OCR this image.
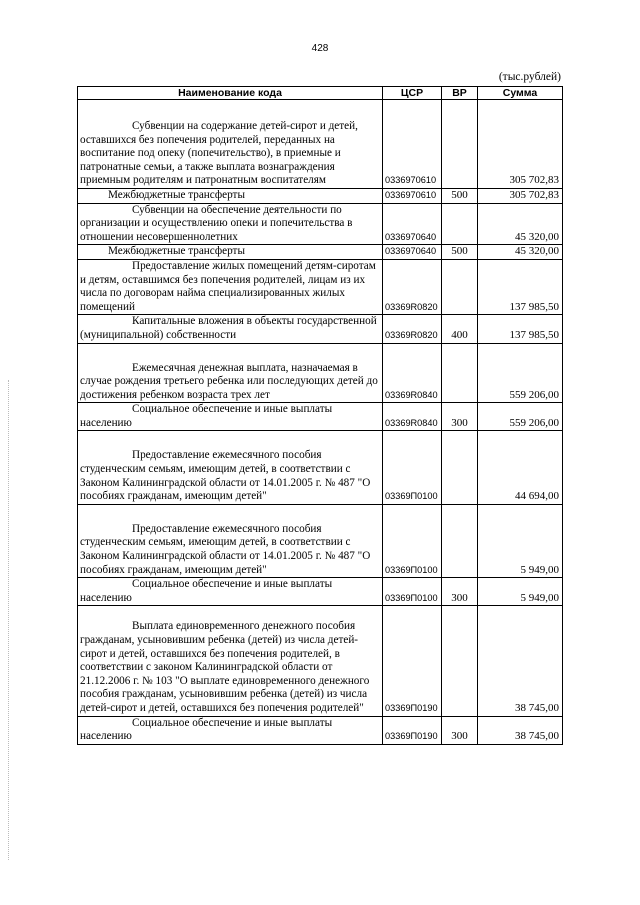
428
(тыс.рублей)
Наименование кода	ЦСР	ВР	Сумма
Субвенции на содержание детей-сирот и детей, оставшихся без попечения родителей, переданных на воспитание под опеку (попечительство), в приемные и патронатные семьи, а также выплата вознаграждения приемным родителям и патронатным воспитателям	0336970610		305 702,83
Межбюджетные трансферты	0336970610	500	305 702,83
Субвенции на обеспечение деятельности по организации и осуществлению опеки и попечительства в отношении несовершеннолетних	0336970640		45 320,00
Межбюджетные трансферты	0336970640	500	45 320,00
Предоставление жилых помещений детям-сиротам и детям, оставшимся без попечения родителей, лицам из их числа по договорам найма специализированных жилых помещений	03369R0820		137 985,50
Капитальные вложения в объекты государственной (муниципальной) собственности	03369R0820	400	137 985,50
Ежемесячная денежная выплата, назначаемая в случае рождения третьего ребенка или последующих детей до достижения ребенком возраста трех лет	03369R0840		559 206,00
Социальное обеспечение и иные выплаты населению	03369R0840	300	559 206,00
Предоставление ежемесячного пособия студенческим семьям, имеющим детей, в соответствии с Законом Калининградской области от 14.01.2005 г. № 487 "О пособиях гражданам, имеющим детей"	03369П0100		44 694,00
Предоставление ежемесячного пособия студенческим семьям, имеющим детей, в соответствии с Законом Калининградской области от 14.01.2005 г. № 487 "О пособиях гражданам, имеющим детей"	03369П0100		5 949,00
Социальное обеспечение и иные выплаты населению	03369П0100	300	5 949,00
Выплата единовременного денежного пособия гражданам, усыновившим ребенка (детей) из числа детей-сирот и детей, оставшихся без попечения родителей, в соответствии с законом Калининградской области от 21.12.2006 г. № 103 "О выплате единовременного денежного пособия гражданам, усыновившим ребенка (детей) из числа детей-сирот и детей, оставшихся без попечения родителей"	03369П0190		38 745,00
Социальное обеспечение и иные выплаты населению	03369П0190	300	38 745,00
